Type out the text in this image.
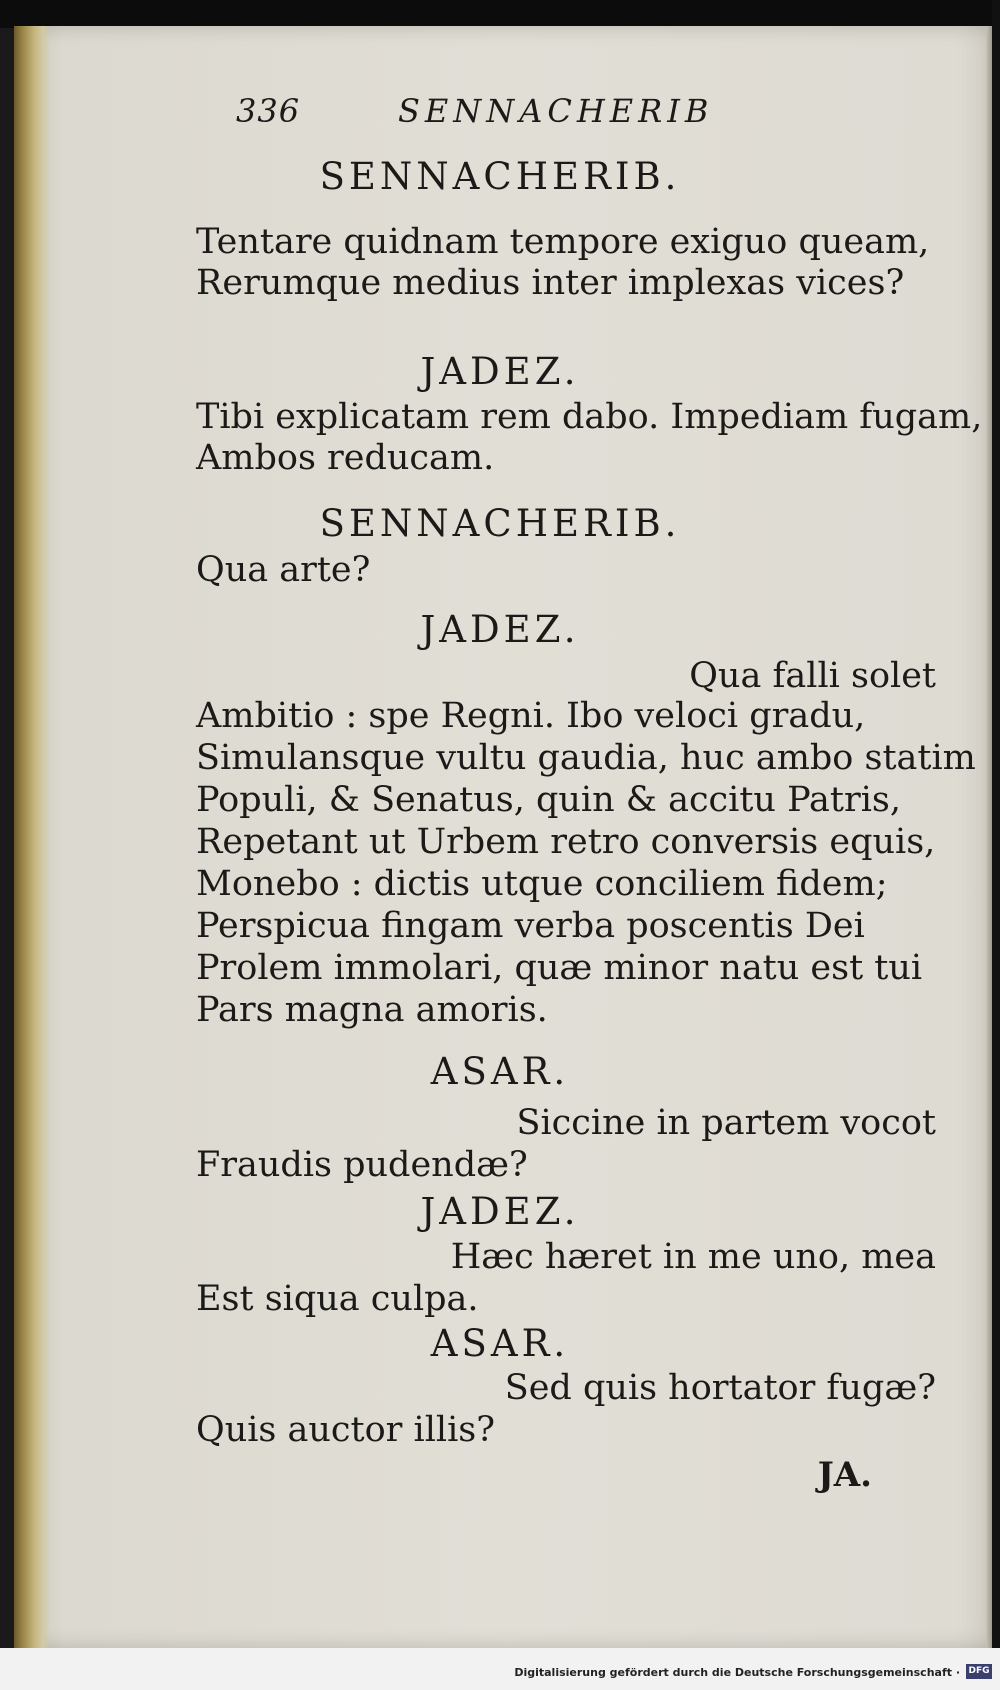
336	SENNACHERIB
SENNACHERIB.
Tentare quidnam tempore exiguo queam,
Rerumque medius inter implexas vices?
JADEZ.
Tibi explicatam rem dabo. Impediam fugam,
Ambos reducam.
SENNACHERIB.
Qua arte?
JADEZ.
Qua falli solet
Ambitio : spe Regni. Ibo veloci gradu,
Simulansque vultu gaudia, huc ambo statim
Populi, & Senatus, quin & accitu Patris,
Repetant ut Urbem retro conversis equis,
Monebo : dictis utque conciliem fidem;
Perspicua fingam verba poscentis Dei
Prolem immolari, quæ minor natu est tui
Pars magna amoris.
ASAR.
Siccine in partem vocot
Fraudis pudendæ?
JADEZ.
Hæc hæret in me uno, mea
Est siqua culpa.
ASAR.
Sed quis hortator fugæ?
Quis auctor illis?
JA.
Digitalisierung gefördert durch die Deutsche Forschungsgemeinschaft · DFG
